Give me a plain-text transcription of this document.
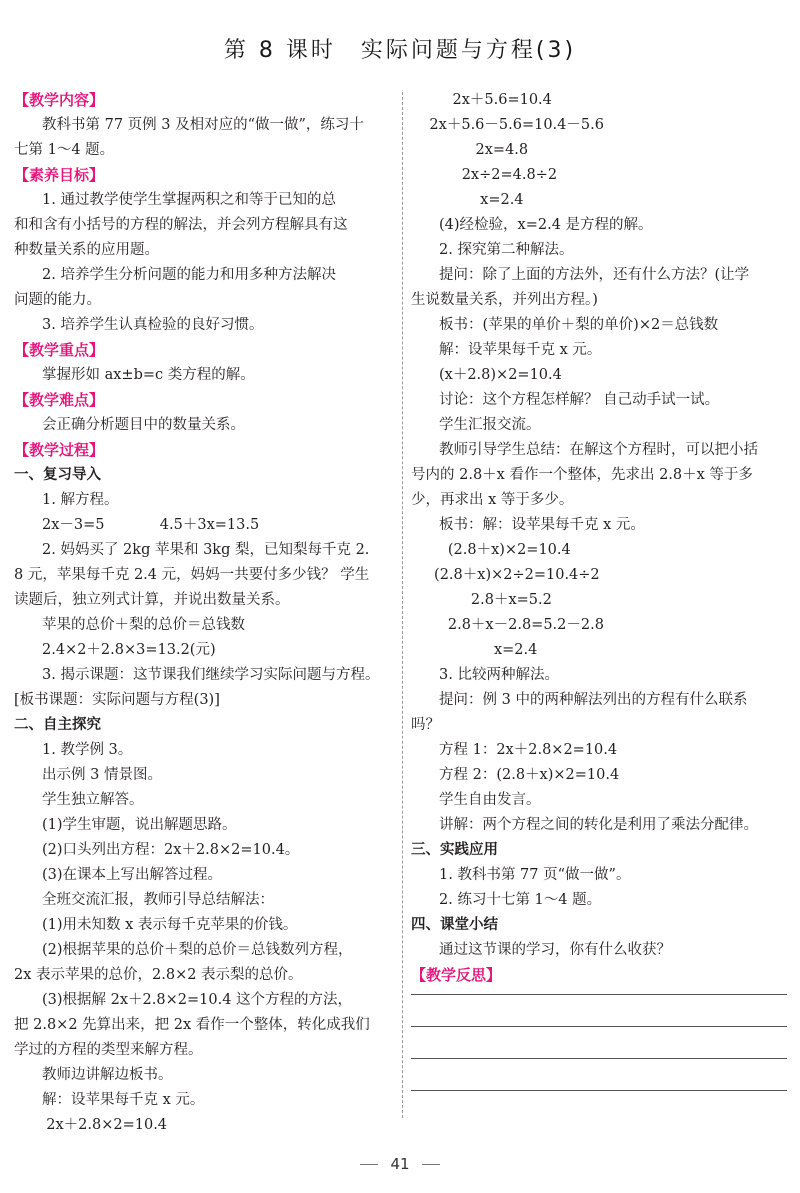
第 8 课时　实际问题与方程(3)
【教学内容】
教科书第 77 页例 3 及相对应的“做一做”，练习十
七第 1～4 题。
【素养目标】
1. 通过教学使学生掌握两积之和等于已知的总
和和含有小括号的方程的解法，并会列方程解具有这
种数量关系的应用题。
2. 培养学生分析问题的能力和用多种方法解决
问题的能力。
3. 培养学生认真检验的良好习惯。
【教学重点】
掌握形如 ax±b=c 类方程的解。
【教学难点】
会正确分析题目中的数量关系。
【教学过程】
一、复习导入
1. 解方程。
2x－3=5            4.5＋3x=13.5
2. 妈妈买了 2kg 苹果和 3kg 梨，已知梨每千克 2.
8 元，苹果每千克 2.4 元，妈妈一共要付多少钱？ 学生
读题后，独立列式计算，并说出数量关系。
苹果的总价＋梨的总价＝总钱数
2.4×2＋2.8×3=13.2(元)
3. 揭示课题：这节课我们继续学习实际问题与方程。
[板书课题：实际问题与方程(3)]
二、自主探究
1. 教学例 3。
出示例 3 情景图。
学生独立解答。
(1)学生审题，说出解题思路。
(2)口头列出方程：2x＋2.8×2=10.4。
(3)在课本上写出解答过程。
全班交流汇报，教师引导总结解法：
(1)用未知数 x 表示每千克苹果的价钱。
(2)根据苹果的总价＋梨的总价＝总钱数列方程，
2x 表示苹果的总价，2.8×2 表示梨的总价。
(3)根据解 2x＋2.8×2=10.4 这个方程的方法，
把 2.8×2 先算出来，把 2x 看作一个整体，转化成我们
学过的方程的类型来解方程。
教师边讲解边板书。
解：设苹果每千克 x 元。
2x＋2.8×2=10.4
2x＋5.6=10.4
2x＋5.6－5.6=10.4－5.6
2x=4.8
2x÷2=4.8÷2
x=2.4
(4)经检验，x=2.4 是方程的解。
2. 探究第二种解法。
提问：除了上面的方法外，还有什么方法？(让学
生说数量关系，并列出方程。)
板书：(苹果的单价＋梨的单价)×2＝总钱数
解：设苹果每千克 x 元。
(x＋2.8)×2=10.4
讨论：这个方程怎样解？ 自己动手试一试。
学生汇报交流。
教师引导学生总结：在解这个方程时，可以把小括
号内的 2.8＋x 看作一个整体，先求出 2.8＋x 等于多
少，再求出 x 等于多少。
板书：解：设苹果每千克 x 元。
(2.8＋x)×2=10.4
(2.8＋x)×2÷2=10.4÷2
2.8＋x=5.2
2.8＋x－2.8=5.2－2.8
x=2.4
3. 比较两种解法。
提问：例 3 中的两种解法列出的方程有什么联系
吗？
方程 1：2x＋2.8×2=10.4
方程 2：(2.8＋x)×2=10.4
学生自由发言。
讲解：两个方程之间的转化是利用了乘法分配律。
三、实践应用
1. 教科书第 77 页“做一做”。
2. 练习十七第 1～4 题。
四、课堂小结
通过这节课的学习，你有什么收获？
【教学反思】
41
